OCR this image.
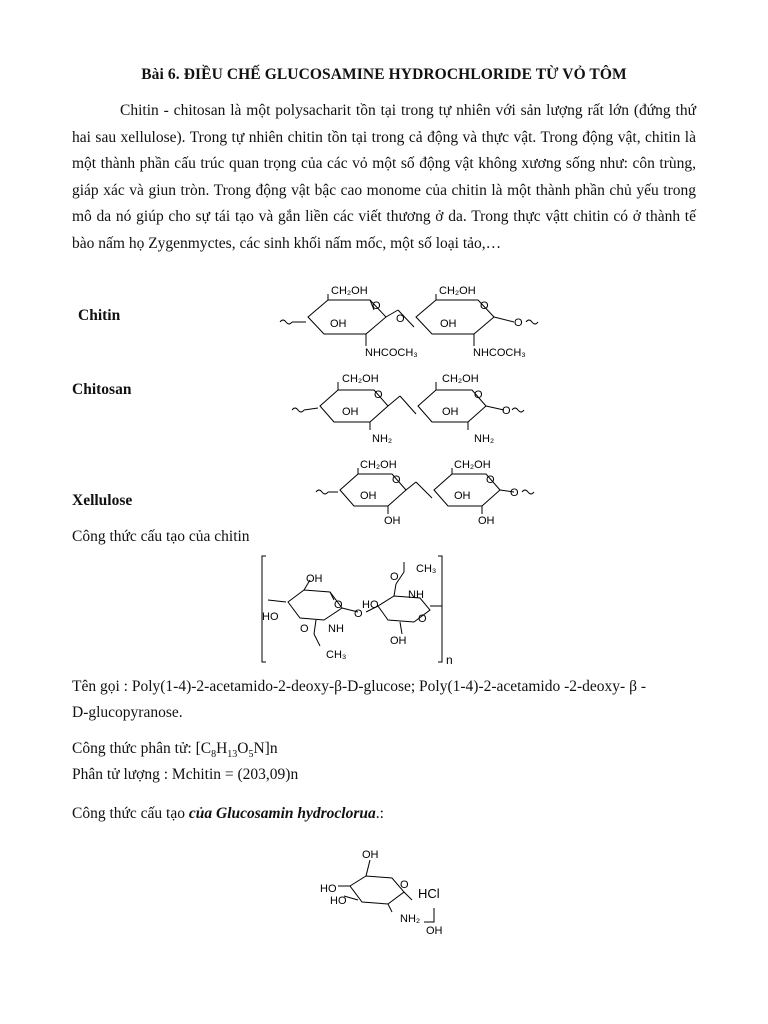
Bài 6. ĐIỀU CHẾ GLUCOSAMINE HYDROCHLORIDE TỪ VỎ TÔM
Chitin - chitosan là một polysacharit tồn tại trong tự nhiên với sản lượng rất lớn (đứng thứ hai sau xellulose). Trong tự nhiên chitin tồn tại trong cả động và thực vật. Trong động vật, chitin là một thành phần cấu trúc quan trọng của các vỏ một số động vật không xương sống như: côn trùng, giáp xác và giun tròn. Trong động vật bậc cao monome của chitin là một thành phần chủ yếu trong mô da nó giúp cho sự tái tạo và gắn liền các viết thương ở da. Trong thực vậtt chitin có ở thành tế bào nấm họ Zygenmyctes, các sinh khối nấm mốc, một số loại tảo,…
Chitin
Chitosan
Xellulose
Công thức cấu tạo của chitin
Tên gọi : Poly(1-4)-2-acetamido-2-deoxy-β-D-glucose; Poly(1-4)-2-acetamido -2-deoxy- β -
D-glucopyranose.
Công thức phân tử: $[C_8H_{13}O_5N]n$
Phân tử lượng : Mchitin = (203,09)n
Công thức cấu tạo của Glucosamin hydroclorua.:
CH₂OH
O
OH
NHCOCH₃
O
CH₂OH
O
OH
NHCOCH₃
O
CH₂OH
O
OH
NH₂
CH₂OH
O
OH
NH₂
O
CH₂OH
O
OH
OH
CH₂OH
O
OH
OH
O
OH
O
HO
NH
O
CH₃
O
HO
CH₃
O
NH
O
OH
n
OH
HO
HO
O
HCl
NH₂
OH
